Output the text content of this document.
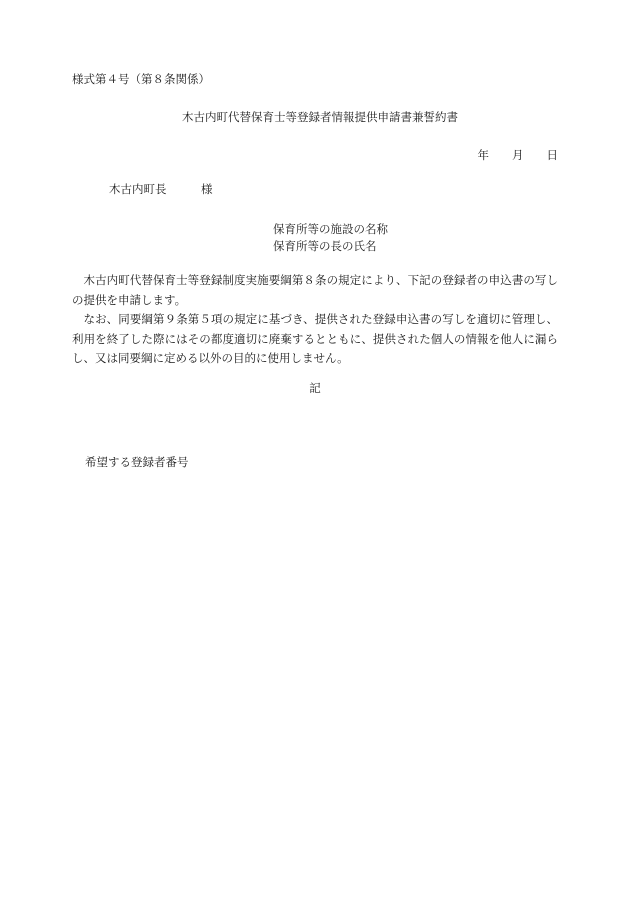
様式第４号（第８条関係）
木古内町代替保育士等登録者情報提供申請書兼誓約書
年　　月　　日
木古内町長　　　様
保育所等の施設の名称
保育所等の長の氏名

木古内町代替保育士等登録制度実施要綱第８条の規定により、下記の登録者の申込書の写しの提供を申請します。

なお、同要綱第９条第５項の規定に基づき、提供された登録申込書の写しを適切に管理し、利用を終了した際にはその都度適切に廃棄するとともに、提供された個人の情報を他人に漏らし、又は同要綱に定める以外の目的に使用しません。

記
希望する登録者番号
